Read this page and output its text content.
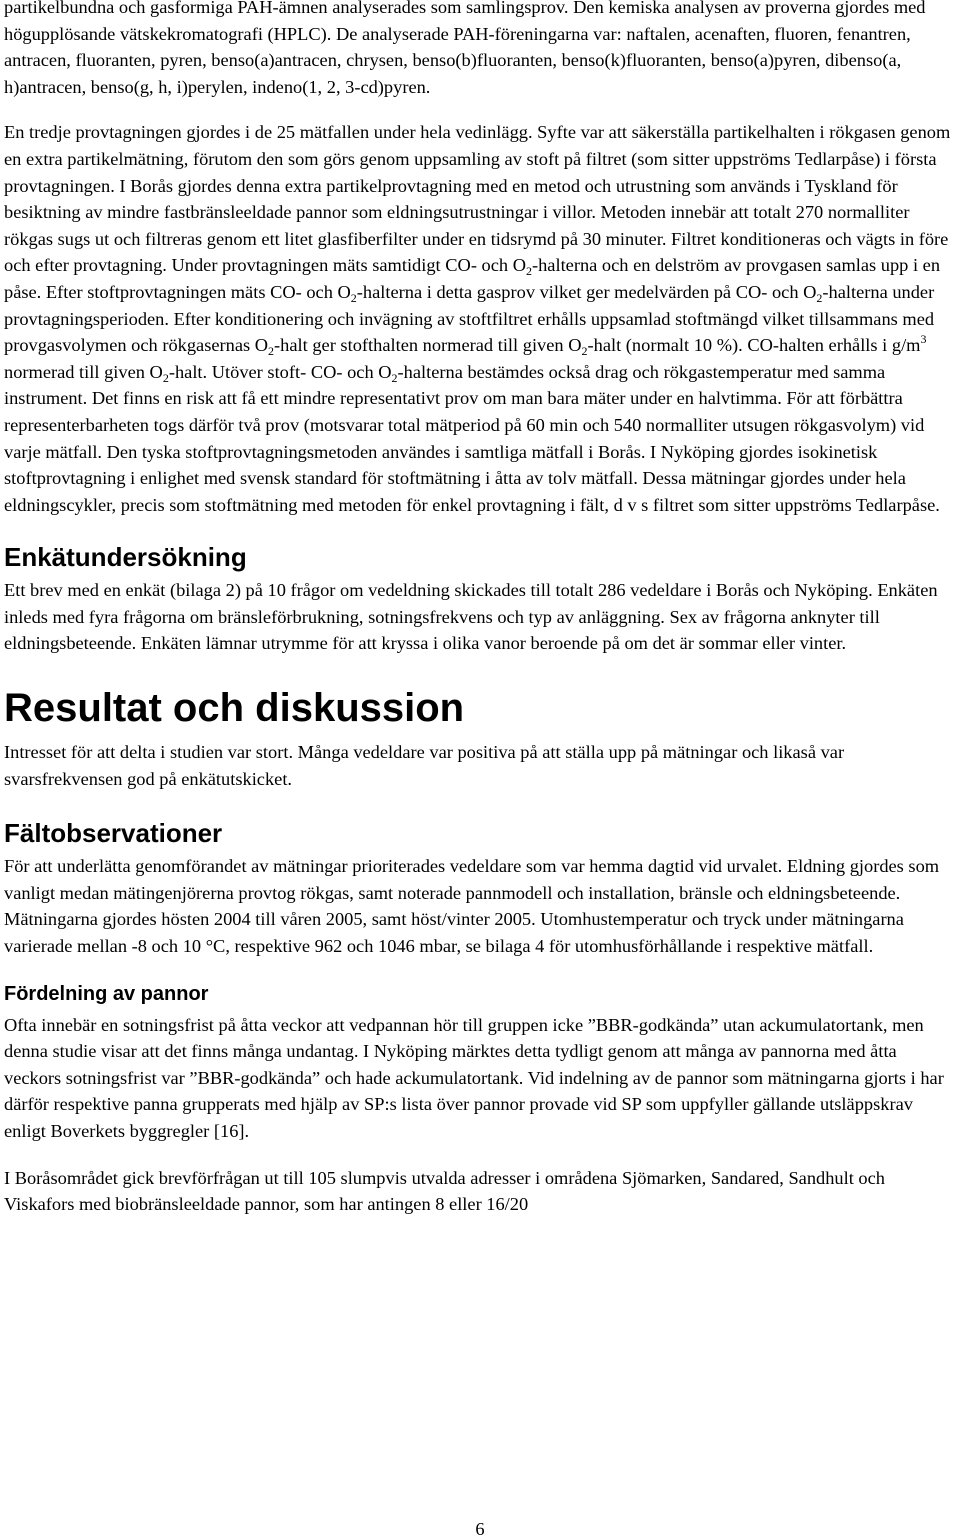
partikelbundna och gasformiga PAH-ämnen analyserades som samlingsprov. Den kemiska analysen av proverna gjordes med högupplösande vätskekromatografi (HPLC). De analyserade PAH-föreningarna var: naftalen, acenaften, fluoren, fenantren, antracen, fluoranten, pyren, benso(a)antracen, chrysen, benso(b)fluoranten, benso(k)fluoranten, benso(a)pyren, dibenso(a, h)antracen, benso(g, h, i)perylen, indeno(1, 2, 3-cd)pyren.

En tredje provtagningen gjordes i de 25 mätfallen under hela vedinlägg. Syfte var att säkerställa partikelhalten i rökgasen genom en extra partikelmätning, förutom den som görs genom uppsamling av stoft på filtret (som sitter uppströms Tedlarpåse) i första provtagningen. I Borås gjordes denna extra partikelprovtagning med en metod och utrustning som används i Tyskland för besiktning av mindre fastbränsleeldade pannor som eldningsutrustningar i villor. Metoden innebär att totalt 270 normalliter rökgas sugs ut och filtreras genom ett litet glasfiberfilter under en tidsrymd på 30 minuter. Filtret konditioneras och vägts in före och efter provtagning. Under provtagningen mäts samtidigt CO- och $O_2$-halterna och en delström av provgasen samlas upp i en påse. Efter stoftprovtagningen mäts CO- och $O_2$-halterna i detta gasprov vilket ger medelvärden på CO- och $O_2$-halterna under provtagningsperioden. Efter konditionering och invägning av stoftfiltret erhålls uppsamlad stoftmängd vilket tillsammans med provgasvolymen och rökgasernas $O_2$-halt ger stofthalten normerad till given $O_2$-halt (normalt 10 %). CO-halten erhålls i $g/m^3$ normerad till given $O_2$-halt. Utöver stoft- CO- och $O_2$-halterna bestämdes också drag och rökgastemperatur med samma instrument. Det finns en risk att få ett mindre representativt prov om man bara mäter under en halvtimma. För att förbättra representerbarheten togs därför två prov (motsvarar total mätperiod på 60 min och 540 normalliter utsugen rökgasvolym) vid varje mätfall. Den tyska stoftprovtagningsmetoden användes i samtliga mätfall i Borås. I Nyköping gjordes isokinetisk stoftprovtagning i enlighet med svensk standard för stoftmätning i åtta av tolv mätfall. Dessa mätningar gjordes under hela eldningscykler, precis som stoftmätning med metoden för enkel provtagning i fält, d v s filtret som sitter uppströms Tedlarpåse.

Enkätundersökning

Ett brev med en enkät (bilaga 2) på 10 frågor om vedeldning skickades till totalt 286 vedeldare i Borås och Nyköping. Enkäten inleds med fyra frågorna om bränsleförbrukning, sotningsfrekvens och typ av anläggning. Sex av frågorna anknyter till eldningsbeteende. Enkäten lämnar utrymme för att kryssa i olika vanor beroende på om det är sommar eller vinter.

Resultat och diskussion

Intresset för att delta i studien var stort. Många vedeldare var positiva på att ställa upp på mätningar och likaså var svarsfrekvensen god på enkätutskicket.

Fältobservationer

För att underlätta genomförandet av mätningar prioriterades vedeldare som var hemma dagtid vid urvalet. Eldning gjordes som vanligt medan mätingenjörerna provtog rökgas, samt noterade pannmodell och installation, bränsle och eldningsbeteende. Mätningarna gjordes hösten 2004 till våren 2005, samt höst/vinter 2005. Utomhustemperatur och tryck under mätningarna varierade mellan -8 och 10 °C, respektive 962 och 1046 mbar, se bilaga 4 för utomhusförhållande i respektive mätfall.

Fördelning av pannor

Ofta innebär en sotningsfrist på åtta veckor att vedpannan hör till gruppen icke ”BBR-godkända” utan ackumulatortank, men denna studie visar att det finns många undantag. I Nyköping märktes detta tydligt genom att många av pannorna med åtta veckors sotningsfrist var ”BBR-godkända” och hade ackumulatortank. Vid indelning av de pannor som mätningarna gjorts i har därför respektive panna grupperats med hjälp av SP:s lista över pannor provade vid SP som uppfyller gällande utsläppskrav enligt Boverkets byggregler [16].

I Boråsområdet gick brevförfrågan ut till 105 slumpvis utvalda adresser i områdena Sjömarken, Sandared, Sandhult och Viskafors med biobränsleeldade pannor, som har antingen 8 eller 16/20

6
